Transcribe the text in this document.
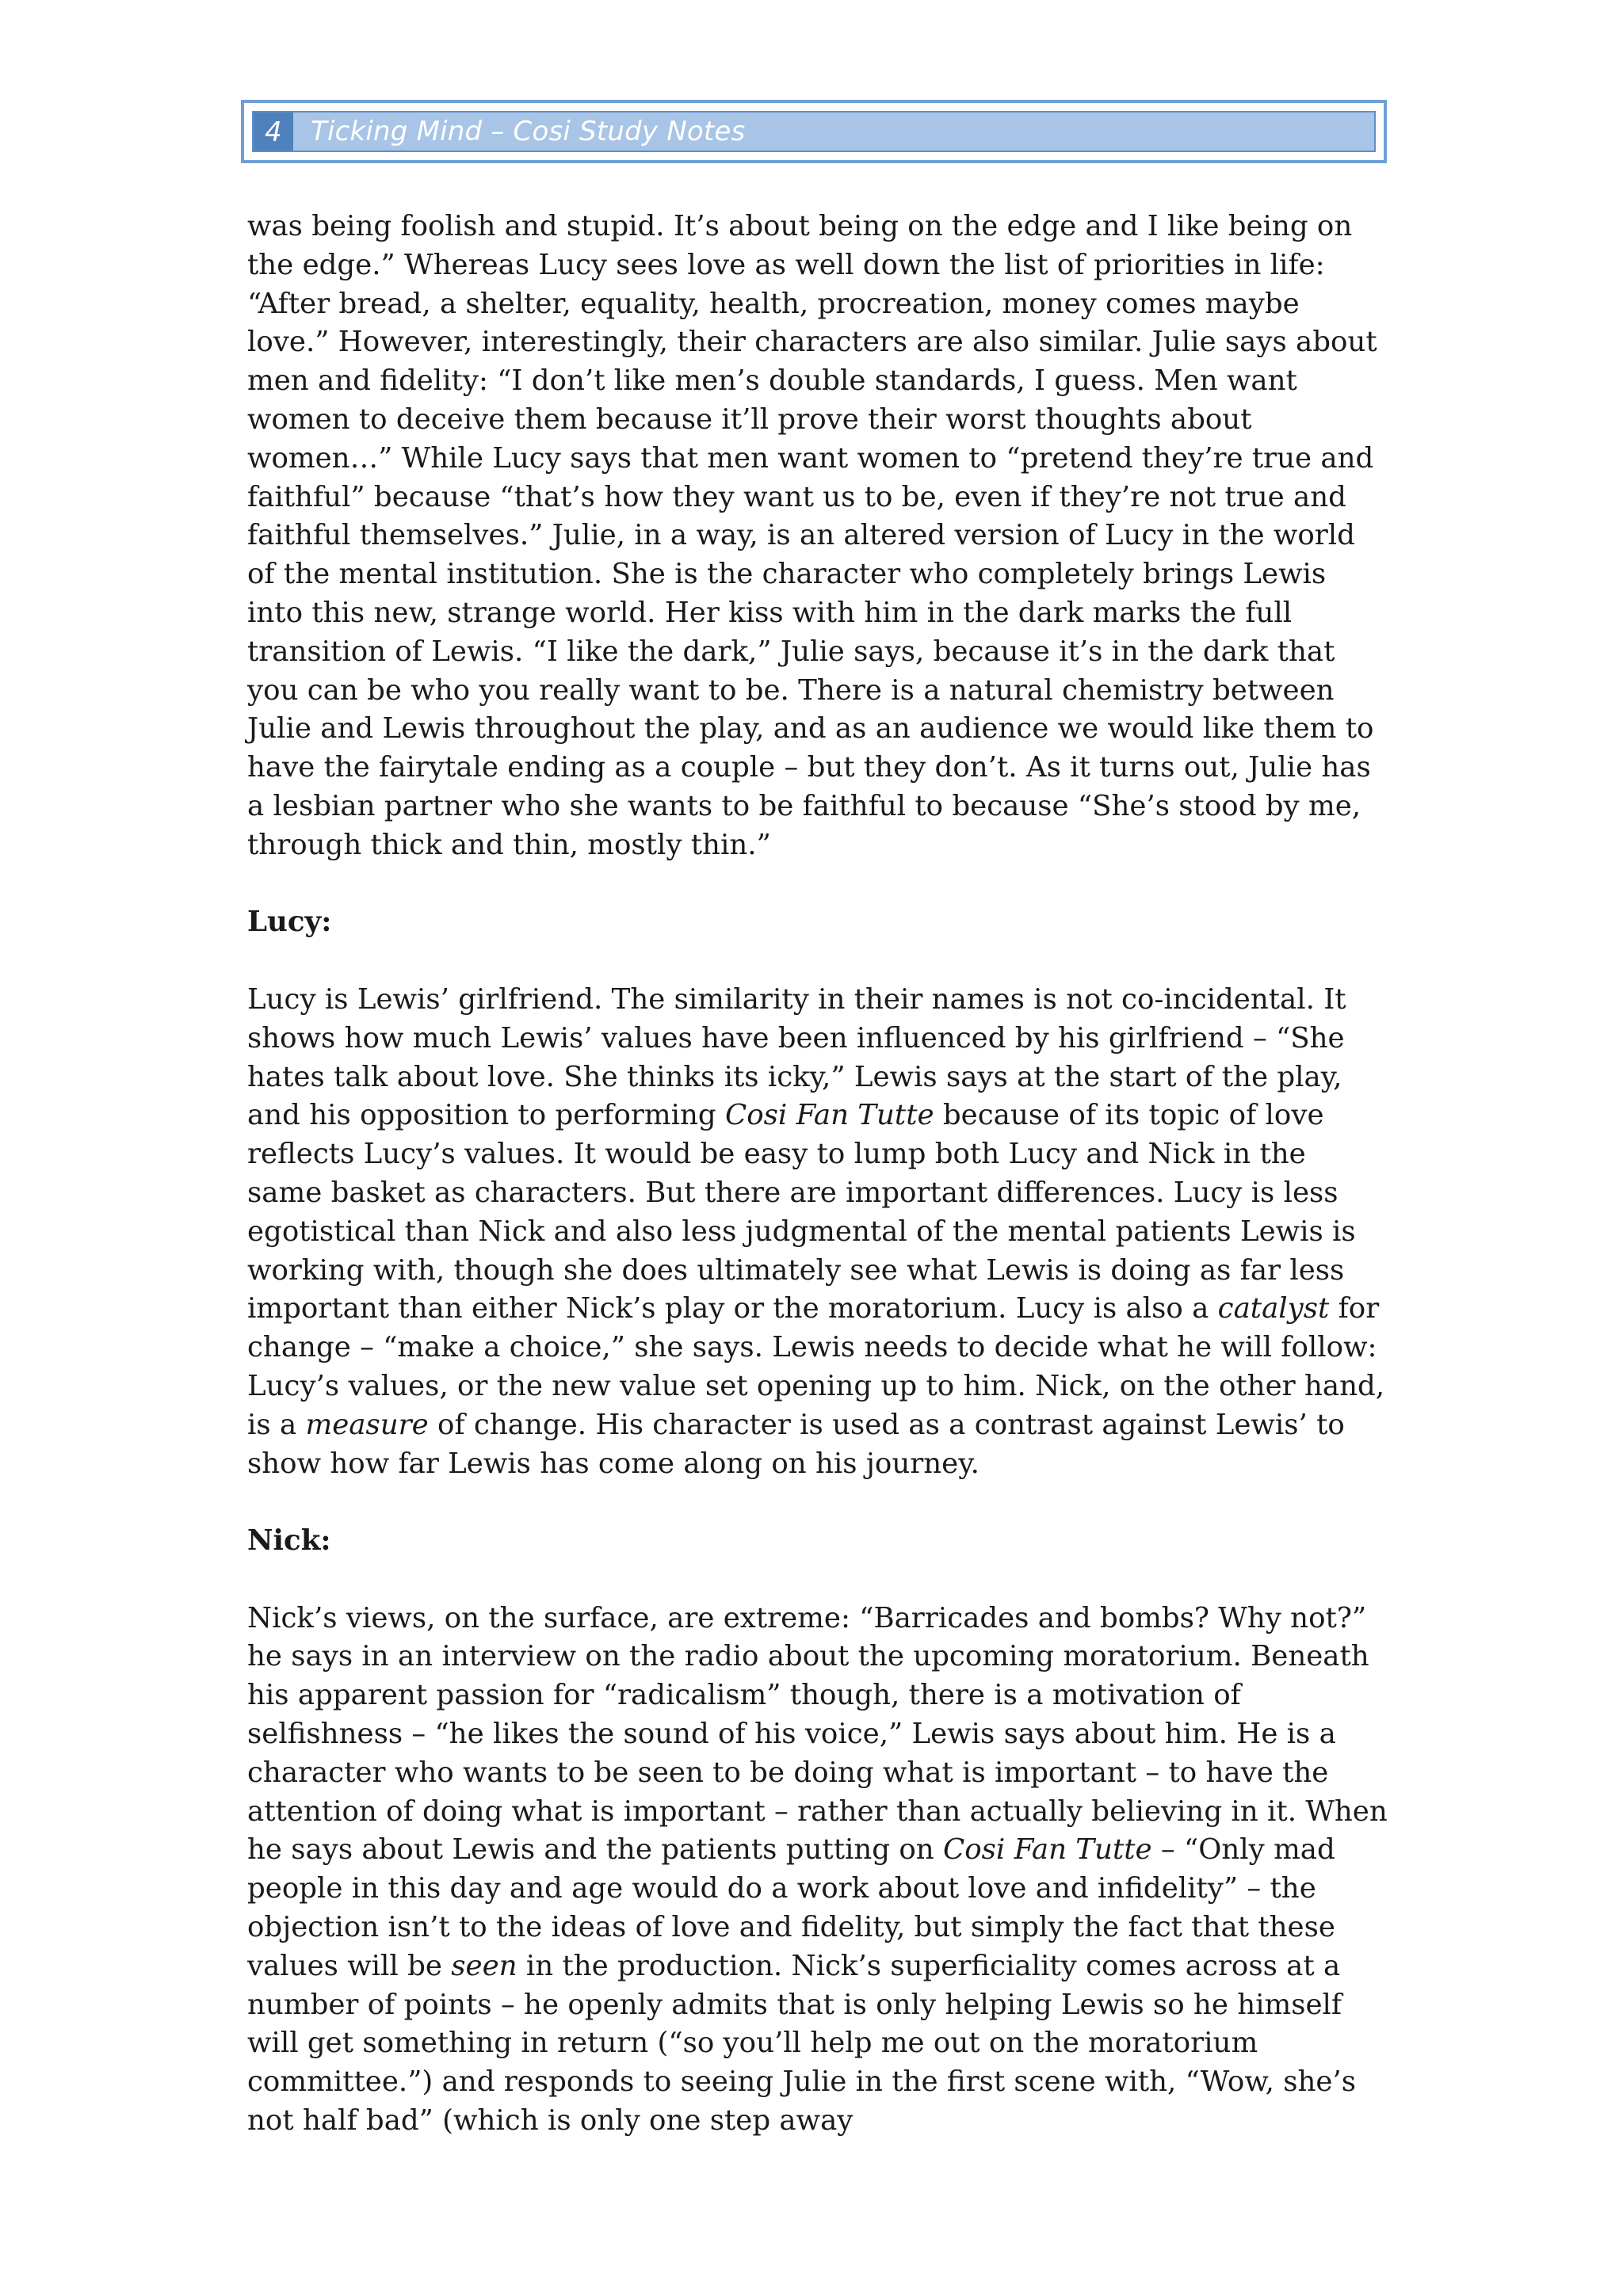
4	Ticking Mind – Cosi Study Notes

was being foolish and stupid. It’s about being on the edge and I like being on the edge.” Whereas Lucy sees love as well down the list of priorities in life: “After bread, a shelter, equality, health, procreation, money comes maybe love.” However, interestingly, their characters are also similar. Julie says about men and fidelity: “I don’t like men’s double standards, I guess. Men want women to deceive them because it’ll prove their worst thoughts about women…” While Lucy says that men want women to “pretend they’re true and faithful” because “that’s how they want us to be, even if they’re not true and faithful themselves.” Julie, in a way, is an altered version of Lucy in the world of the mental institution. She is the character who completely brings Lewis into this new, strange world. Her kiss with him in the dark marks the full transition of Lewis. “I like the dark,” Julie says, because it’s in the dark that you can be who you really want to be. There is a natural chemistry between Julie and Lewis throughout the play, and as an audience we would like them to have the fairytale ending as a couple – but they don’t. As it turns out, Julie has a lesbian partner who she wants to be faithful to because “She’s stood by me, through thick and thin, mostly thin.”

Lucy:

Lucy is Lewis’ girlfriend. The similarity in their names is not co-incidental. It shows how much Lewis’ values have been influenced by his girlfriend – “She hates talk about love. She thinks its icky,” Lewis says at the start of the play, and his opposition to performing Cosi Fan Tutte because of its topic of love reflects Lucy’s values. It would be easy to lump both Lucy and Nick in the same basket as characters. But there are important differences. Lucy is less egotistical than Nick and also less judgmental of the mental patients Lewis is working with, though she does ultimately see what Lewis is doing as far less important than either Nick’s play or the moratorium. Lucy is also a catalyst for change – “make a choice,” she says. Lewis needs to decide what he will follow: Lucy’s values, or the new value set opening up to him. Nick, on the other hand, is a measure of change. His character is used as a contrast against Lewis’ to show how far Lewis has come along on his journey.

Nick:

Nick’s views, on the surface, are extreme: “Barricades and bombs? Why not?” he says in an interview on the radio about the upcoming moratorium. Beneath his apparent passion for “radicalism” though, there is a motivation of selfishness – “he likes the sound of his voice,” Lewis says about him. He is a character who wants to be seen to be doing what is important – to have the attention of doing what is important – rather than actually believing in it. When he says about Lewis and the patients putting on Cosi Fan Tutte – “Only mad people in this day and age would do a work about love and infidelity” – the objection isn’t to the ideas of love and fidelity, but simply the fact that these values will be seen in the production. Nick’s superficiality comes across at a number of points – he openly admits that is only helping Lewis so he himself will get something in return (“so you’ll help me out on the moratorium committee.”) and responds to seeing Julie in the first scene with, “Wow, she’s not half bad” (which is only one step away
